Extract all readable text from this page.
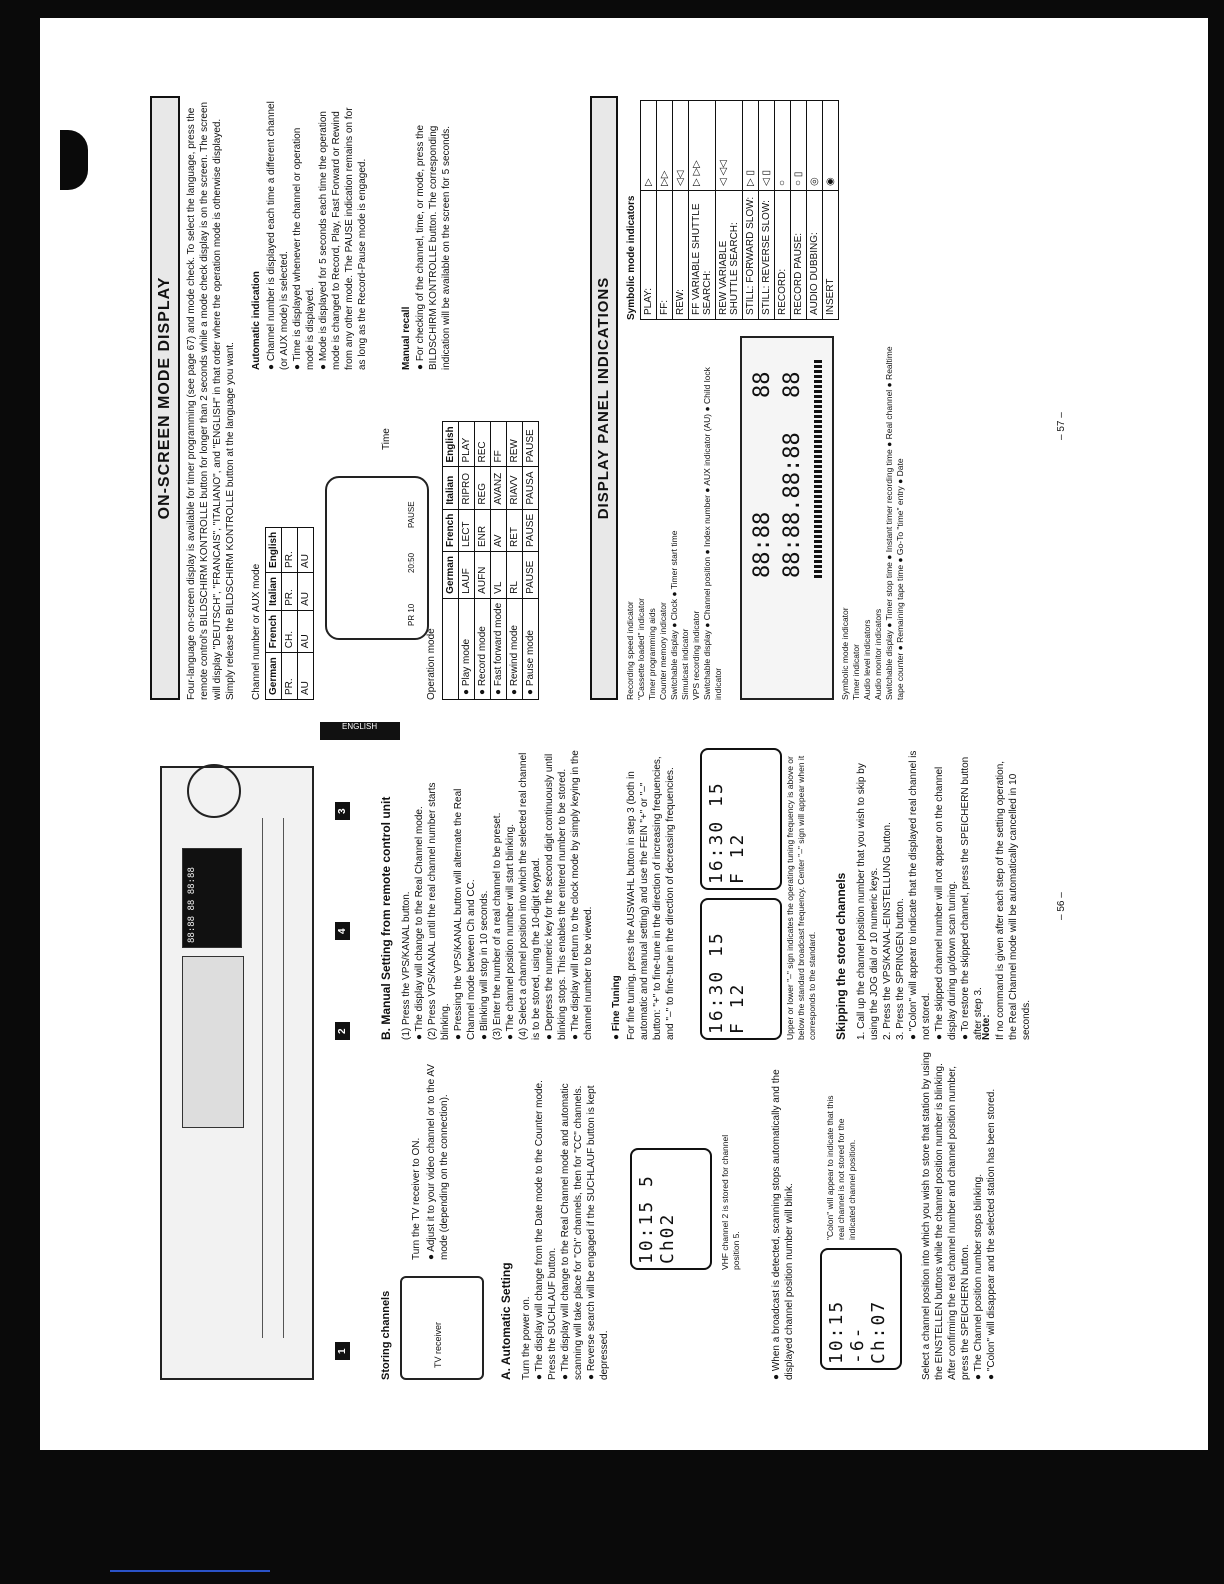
88:88 88 88:88
1
2
4
3
Storing channels	TV receiver
Turn the TV receiver to ON. ● Adjust it to your video channel or to the AV mode (depending on the connection).
A. Automatic Setting Turn the power on. ● The display will change from the Date mode to the Counter mode. Press the SUCHLAUF button. ● The display will change to the Real Channel mode and automatic scanning will take place for "Ch" channels, then for "CC" channels. ● Reverse search will be engaged if the SUCHLAUF button is kept depressed.

10:15 5 Ch02	VHF channel 2 is stored for channel position 5.	● When a broadcast is detected, scanning stops automatically and the displayed channel position number will blink. 10:15 -6- Ch:07
"Colon" will appear to indicate that this real channel is not stored for the indicated channel position.	Select a channel position into which you wish to store that station by using the EINSTELLEN buttons while the channel position number is blinking. After confirming the real channel number and channel position number, press the SPEICHERN button. ● The Channel position number stops blinking. ● "Colon" will disappear and the selected station has been stored.

B. Manual Setting from remote control unit (1) Press the VPS/KANAL button. ● The display will change to the Real Channel mode. (2) Press VPS/KANAL until the real channel number starts blinking. ● Pressing the VPS/KANAL button will alternate the Real Channel mode between Ch and CC. ● Blinking will stop in 10 seconds. (3) Enter the number of a real channel to be preset. ● The channel position number will start blinking. (4) Select a channel position into which the selected real channel is to be stored, using the 10-digit keypad. ● Depress the numeric key for the second digit continuously until blinking stops. This enables the entered number to be stored. ● The display will return to the clock mode by simply keying in the channel number to be viewed. ● Fine Tuning For fine tuning, press the AUSWAHL button in step 3 (both in automatic and manual setting) and use the FEIN "+" or "–" button: "+" to fine-tune in the direction of increasing frequencies, and "–" to fine-tune in the direction of decreasing frequencies. 16:30 15 F 12
16:30 15 F 12	Upper or lower "–" sign indicates the operating tuning frequency is above or below the standard broadcast frequency. Center "–" sign will appear when it corresponds to the standard. Skipping the stored channels 1. Call up the channel position number that you wish to skip by using the JOG dial or 10 numeric keys. 2. Press the VPS/KANAL-EINSTELLUNG button. 3. Press the SPRINGEN button. ● "Colon" will appear to indicate that the displayed real channel is not stored. ● The skipped channel number will not appear on the channel display during up/down scan tuning. ● To restore the skipped channel, press the SPEICHERN button after step 3.

Note: If no command is given after each step of the setting operation, the Real Channel mode will be automatically cancelled in 10 seconds.
– 56 –
ENGLISH
ON-SCREEN MODE DISPLAY	Four-language on-screen display is available for timer programming (see page 67) and mode check. To select the language, press the remote control's BILDSCHIRM KONTROLLE button for longer than 2 seconds while a mode check display is on the screen. The screen will display "DEUTSCH", "FRANCAIS", "ITALIANO", and "ENGLISH" in that order where the operation mode is otherwise displayed. Simply release the BILDSCHIRM KONTROLLE button at the language you want. Channel number or AUX mode German	French	Italian	English
PR.	CH.	PR.	PR.
AU	AU	AU	AU
PR 10
20:50
PAUSE
Time
Operation mode
	German	French	Italian	English
● Play mode	LAUF	LECT	RIPRO	PLAY
● Record mode	AUFN	ENR	REG	REC
● Fast forward mode	VL	AV	AVANZ	FF
● Rewind mode	RL	RET	RIAVV	REW
● Pause mode	PAUSE	PAUSE	PAUSA	PAUSE
Automatic indication ● Channel number is displayed each time a different channel (or AUX mode) is selected. ● Time is displayed whenever the channel or operation mode is displayed. ● Mode is displayed for 5 seconds each time the operation mode is changed to Record, Play, Fast Forward or Rewind from any other mode. The PAUSE indication remains on for as long as the Record-Pause mode is engaged.	Manual recall ● For checking of the channel, time, or mode, press the BILDSCHIRM KONTROLLE button. The corresponding indication will be available on the screen for 5 seconds.
DISPLAY PANEL INDICATIONS

Recording speed indicator "Cassette loaded" indicator Timer programming aids Counter memory indicator Switchable display ● Clock ● Timer start time Simulcast indicator VPS recording indicator Switchable display ● Channel position ● Index number ● AUX indicator (AU) ● Child lock indicator

88:88 88:88.88:88
88 88

Symbolic mode indicator Timer indicator Audio level indicators Audio monitor indicators Switchable display ● Timer stop time ● Instant timer recording time ● Real channel ● Realtime tape counter ● Remaining tape time ● Go-To "time" entry ● Date

Symbolic mode indicators PLAY:	▷
FF:	▷▷
REW:	◁◁
FF VARIABLE SHUTTLE SEARCH:	▷ ▷▷
REW VARIABLE SHUTTLE SEARCH:	◁ ◁◁
STILL: FORWARD SLOW:	▷ ▯
STILL: REVERSE SLOW:	◁ ▯
RECORD:	○
RECORD PAUSE:	○ ▯
AUDIO DUBBING:	◎
INSERT	◉
– 57 –
